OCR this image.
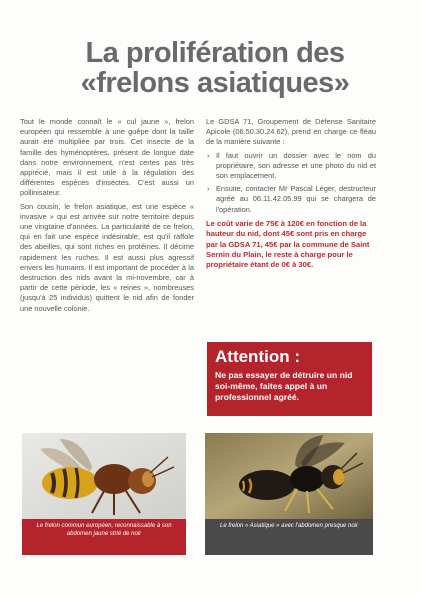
La prolifération des
«frelons asiatiques»

Tout le monde connaît le « cul jaune », frelon européen qui ressemble à une guêpe dont la taille aurait été multipliée par trois. Cet insecte de la famille des hyménoptères, présent de longue date dans notre environnement, n'est certes pas très apprécié, mais il est utile à la régulation des différentes espèces d'insectes. C'est aussi un pollinisateur.

Son cousin, le frelon asiatique, est une espèce « invasive » qui est arrivée sur notre territoire depuis une vingtaine d'années. La particularité de ce frelon, qui en fait une espèce indésirable, est qu'il raffole des abeilles, qui sont riches en protéines. Il décime rapidement les ruches. Il est aussi plus agressif envers les humains. Il est important de procéder à la destruction des nids avant la mi-novembre, car à partir de cette période, les « reines », nombreuses (jusqu'à 25 individus) quittent le nid afin de fonder une nouvelle colonie.

Le GDSA 71, Groupement de Défense Sanitaire Apicole (06.50.30.24.62), prend en charge ce fléau de la manière suivante :

› Il faut ouvrir un dossier avec le nom du propriétaire, son adresse et une photo du nid et son emplacement.
› Ensuite, contacter Mr Pascal Léger, destructeur agréé au 06.11.42.05.99 qui se chargera de l'opération.

Le coût varie de 75€ à 120€ en fonction de la hauteur du nid, dont 45€ sont pris en charge par la GDSA 71, 45€ par la commune de Saint Sernin du Plain, le reste à charge pour le propriétaire étant de 0€ à 30€.

Attention :

Ne pas essayer de détruire un nid soi-même, faites appel à un professionnel agréé.

Le frelon commun européen, reconnaissable à son abdomen jaune strié de noir
Le frelon « Asiatique » avec l'abdomen presque noir
